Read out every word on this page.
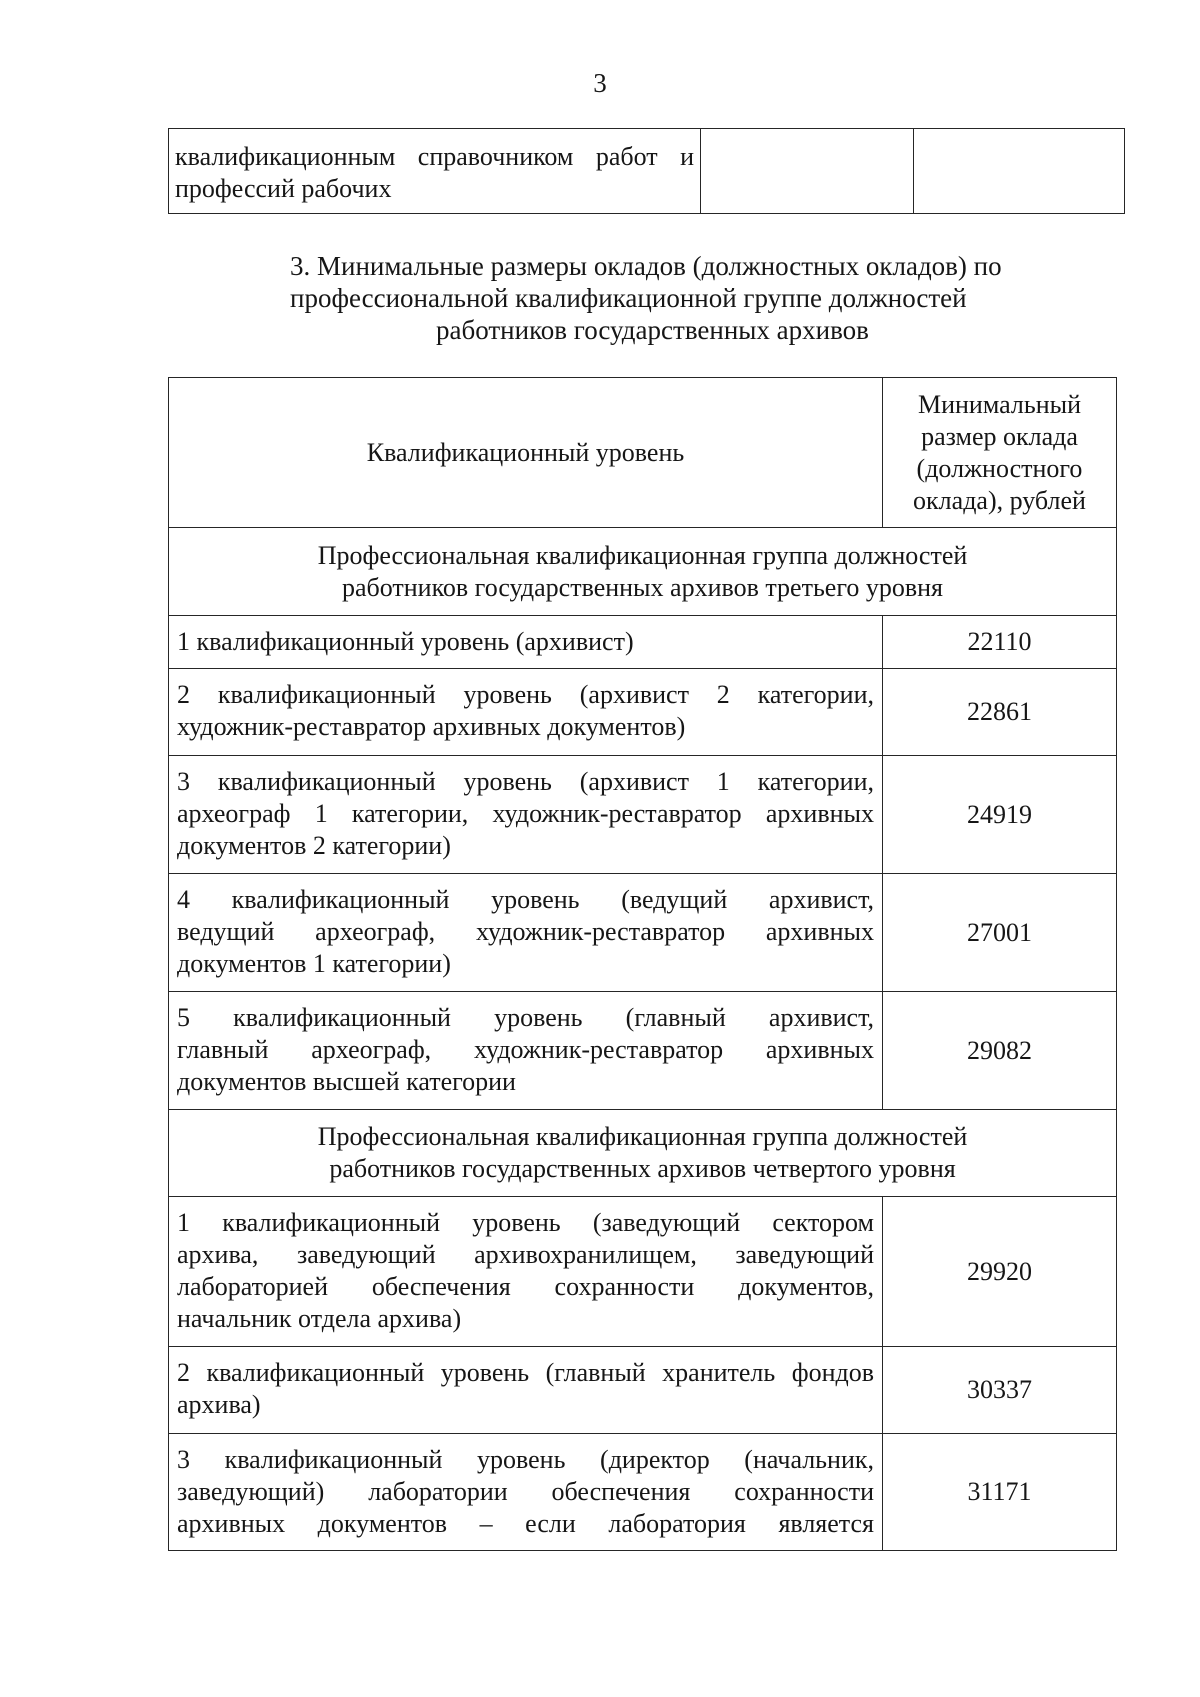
3
квалификационным справочником работ и
профессий рабочих

3. Минимальные размеры окладов (должностных окладов) по
профессиональной квалификационной группе должностей
работников государственных архивов
Квалификационный уровень	Минимальный
размер оклада
(должностного
оклада), рублей

Профессиональная квалификационная группа должностей
работников государственных архивов третьего уровня	

1 квалификационный уровень (архивист)	22110

2 квалификационный уровень (архивист 2 категории,
художник-реставратор архивных документов)	22861

3 квалификационный уровень (архивист 1 категории,
археограф 1 категории, художник-реставратор архивных
документов 2 категории)	24919

4 квалификационный уровень (ведущий архивист,
ведущий археограф, художник-реставратор архивных
документов 1 категории)	27001

5 квалификационный уровень (главный архивист,
главный археограф, художник-реставратор архивных
документов высшей категории	29082

Профессиональная квалификационная группа должностей
работников государственных архивов четвертого уровня	

1 квалификационный уровень (заведующий сектором
архива, заведующий архивохранилищем, заведующий
лабораторией обеспечения сохранности документов,
начальник отдела архива)	29920

2 квалификационный уровень (главный хранитель фондов
архива)	30337

3 квалификационный уровень (директор (начальник,
заведующий) лаборатории обеспечения сохранности
архивных документов – если лаборатория является	31171
